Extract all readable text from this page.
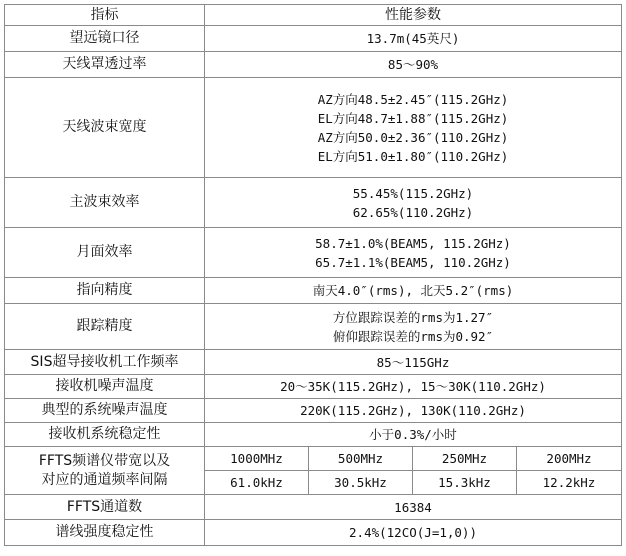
指标	性能参数			
望远镜口径	13.7m(45英尺)			

天线罩透过率	85～90%			

天线波束宽度	AZ方向48.5±2.45″(115.2GHz)
EL方向48.7±1.88″(115.2GHz)
AZ方向50.0±2.36″(110.2GHz)
EL方向51.0±1.80″(110.2GHz)			

主波束效率	55.45%(115.2GHz)
62.65%(110.2GHz)			

月面效率	58.7±1.0%(BEAM5, 115.2GHz)
65.7±1.1%(BEAM5, 110.2GHz)			

指向精度	南天4.0″(rms), 北天5.2″(rms)			

跟踪精度	方位跟踪误差的rms为1.27″
俯仰跟踪误差的rms为0.92″			

SIS超导接收机工作频率	85～115GHz			

接收机噪声温度	20～35K(115.2GHz), 15～30K(110.2GHz)			

典型的系统噪声温度	220K(115.2GHz), 130K(110.2GHz)			

接收机系统稳定性	小于0.3%/小时			

FFTS频谱仪带宽以及
对应的通道频率间隔	1000MHz	500MHz	250MHz	200MHz
	61.0kHz	30.5kHz	15.3kHz	12.2kHz
FFTS通道数	16384			

谱线强度稳定性	2.4%(12CO(J=1,0))			
